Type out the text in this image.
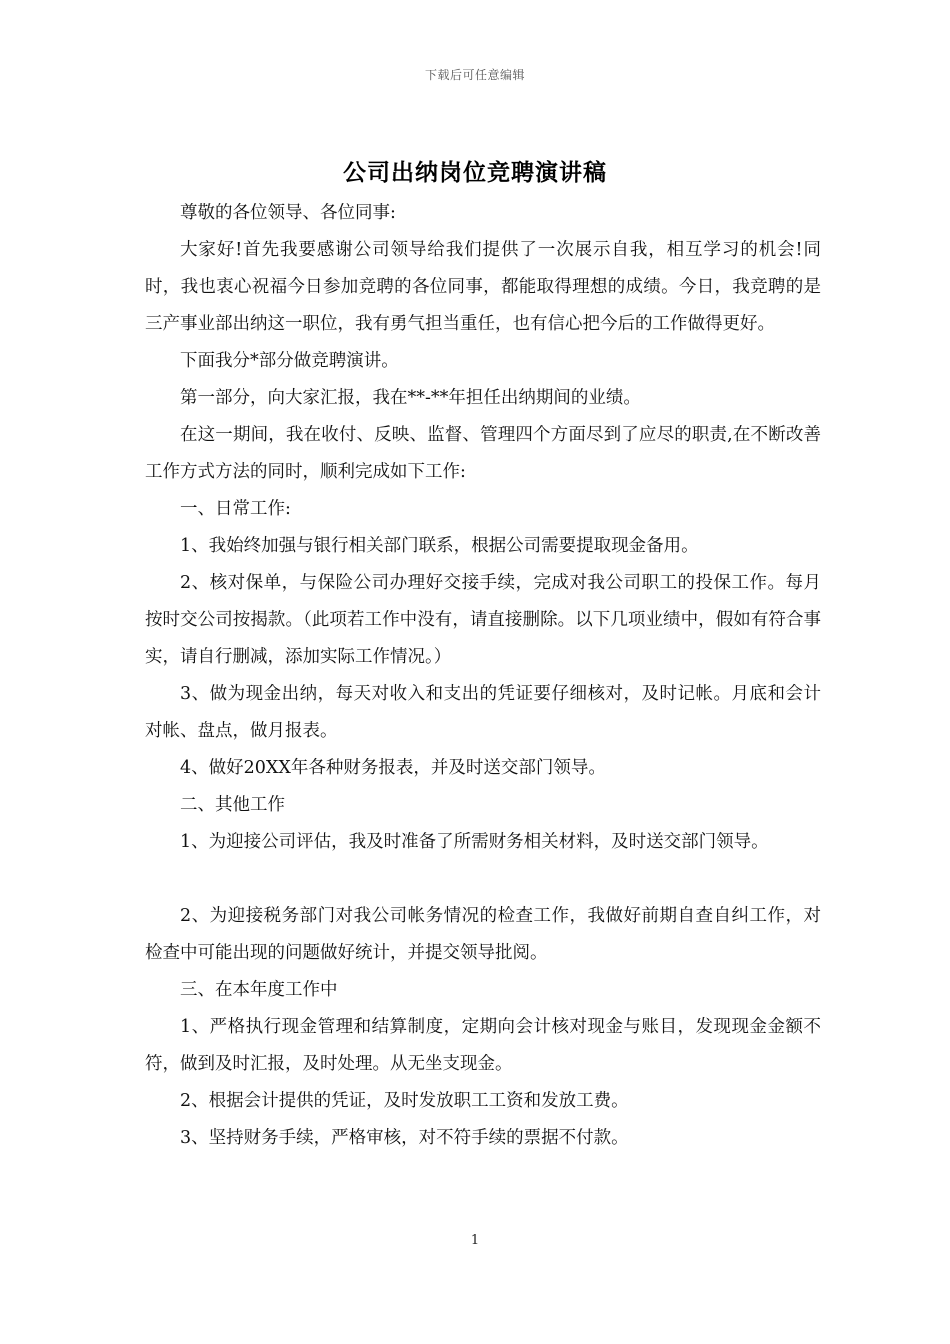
下载后可任意编辑
公司出纳岗位竞聘演讲稿

尊敬的各位领导、各位同事:

大家好!首先我要感谢公司领导给我们提供了一次展示自我，相互学习的机会!同时，我也衷心祝福今日参加竞聘的各位同事，都能取得理想的成绩。今日，我竞聘的是三产事业部出纳这一职位，我有勇气担当重任，也有信心把今后的工作做得更好。

下面我分*部分做竞聘演讲。

第一部分，向大家汇报，我在**-**年担任出纳期间的业绩。

在这一期间，我在收付、反映、监督、管理四个方面尽到了应尽的职责,在不断改善工作方式方法的同时，顺利完成如下工作:

一、日常工作:

1、我始终加强与银行相关部门联系，根据公司需要提取现金备用。

2、核对保单，与保险公司办理好交接手续，完成对我公司职工的投保工作。每月按时交公司按揭款。（此项若工作中没有，请直接删除。以下几项业绩中，假如有符合事实，请自行删减，添加实际工作情况。）

3、做为现金出纳，每天对收入和支出的凭证要仔细核对，及时记帐。月底和会计对帐、盘点，做月报表。

4、做好20XX年各种财务报表，并及时送交部门领导。

二、其他工作

1、为迎接公司评估，我及时准备了所需财务相关材料，及时送交部门领导。

2、为迎接税务部门对我公司帐务情况的检查工作，我做好前期自查自纠工作，对检查中可能出现的问题做好统计，并提交领导批阅。

三、在本年度工作中

1、严格执行现金管理和结算制度，定期向会计核对现金与账目，发现现金金额不符，做到及时汇报，及时处理。从无坐支现金。

2、根据会计提供的凭证，及时发放职工工资和发放工费。

3、坚持财务手续，严格审核，对不符手续的票据不付款。

1
